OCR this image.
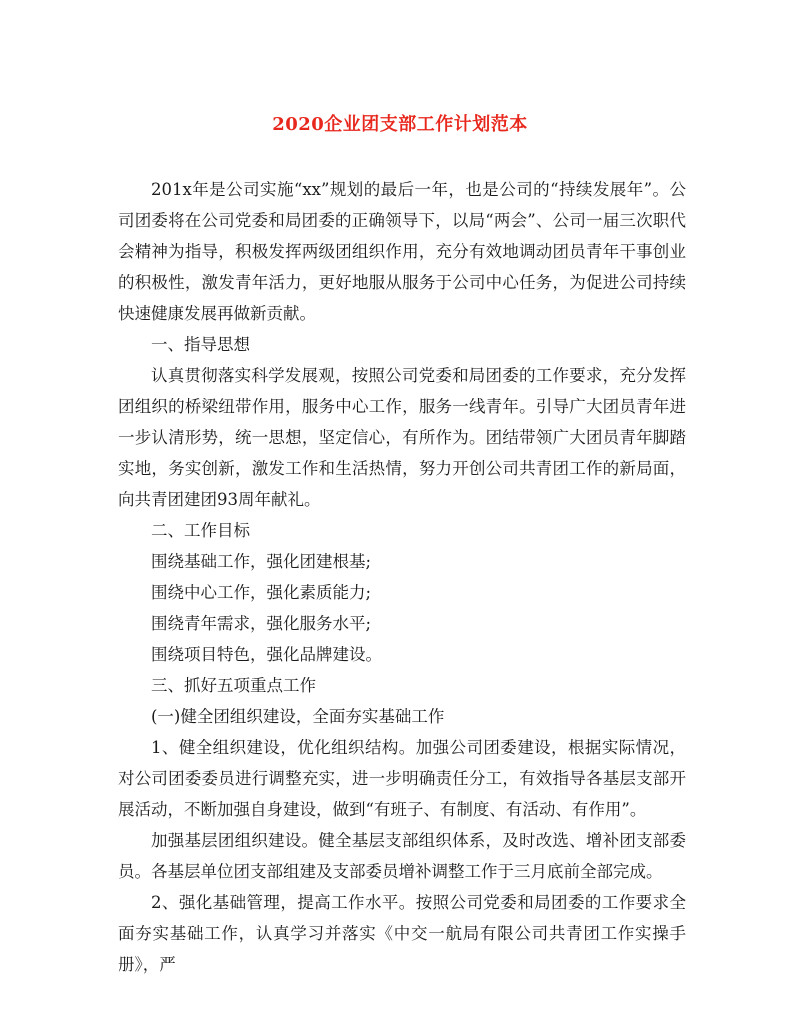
2020企业团支部工作计划范本

201x年是公司实施“xx”规划的最后一年，也是公司的“持续发展年”。公司团委将在公司党委和局团委的正确领导下，以局“两会”、公司一届三次职代会精神为指导，积极发挥两级团组织作用，充分有效地调动团员青年干事创业的积极性，激发青年活力，更好地服从服务于公司中心任务，为促进公司持续快速健康发展再做新贡献。

一、指导思想

认真贯彻落实科学发展观，按照公司党委和局团委的工作要求，充分发挥团组织的桥梁纽带作用，服务中心工作，服务一线青年。引导广大团员青年进一步认清形势，统一思想，坚定信心，有所作为。团结带领广大团员青年脚踏实地，务实创新，激发工作和生活热情，努力开创公司共青团工作的新局面，向共青团建团93周年献礼。

二、工作目标

围绕基础工作，强化团建根基;

围绕中心工作，强化素质能力;

围绕青年需求，强化服务水平;

围绕项目特色，强化品牌建设。

三、抓好五项重点工作

(一)健全团组织建设，全面夯实基础工作

1、健全组织建设，优化组织结构。加强公司团委建设，根据实际情况，对公司团委委员进行调整充实，进一步明确责任分工，有效指导各基层支部开展活动，不断加强自身建设，做到“有班子、有制度、有活动、有作用”。

加强基层团组织建设。健全基层支部组织体系，及时改选、增补团支部委员。各基层单位团支部组建及支部委员增补调整工作于三月底前全部完成。

2、强化基础管理，提高工作水平。按照公司党委和局团委的工作要求全面夯实基础工作，认真学习并落实《中交一航局有限公司共青团工作实操手册》，严
